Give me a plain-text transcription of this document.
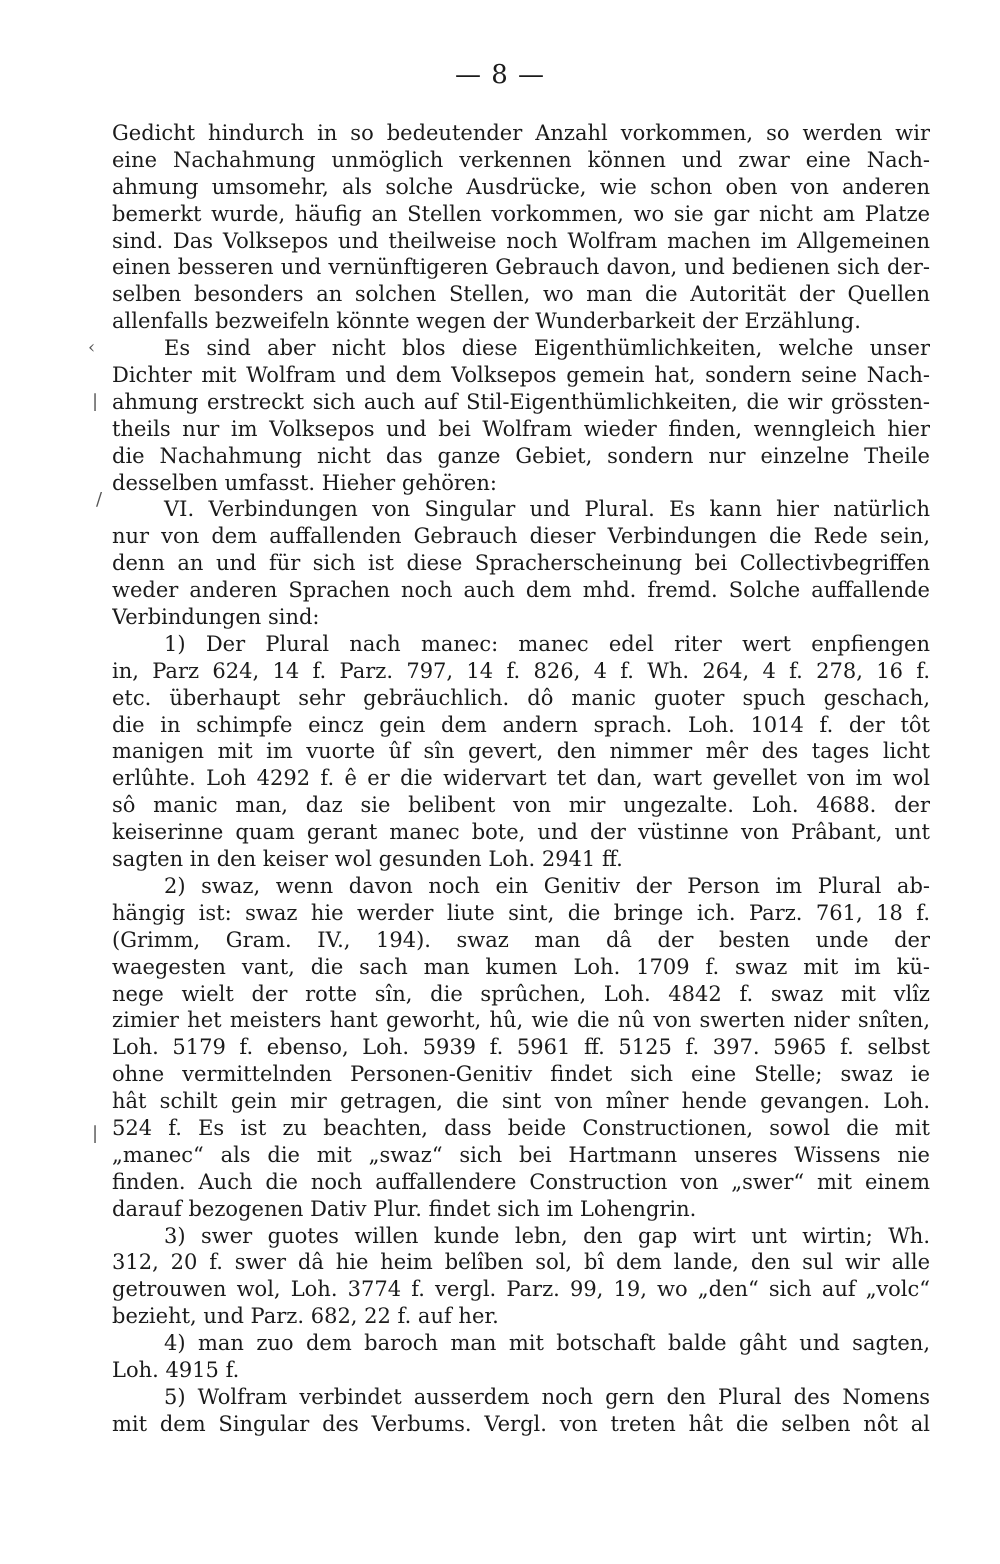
— 8 —
‹
|
/
|
Gedicht hindurch in so bedeutender Anzahl vorkommen, so werden wir
eine Nachahmung unmöglich verkennen können und zwar eine Nach-
ahmung umsomehr, als solche Ausdrücke, wie schon oben von anderen
bemerkt wurde, häufig an Stellen vorkommen, wo sie gar nicht am Platze
sind. Das Volksepos und theilweise noch Wolfram machen im Allgemeinen
einen besseren und vernünftigeren Gebrauch davon, und bedienen sich der-
selben besonders an solchen Stellen, wo man die Autorität der Quellen
allenfalls bezweifeln könnte wegen der Wunderbarkeit der Erzählung.
Es sind aber nicht blos diese Eigenthümlichkeiten, welche unser
Dichter mit Wolfram und dem Volksepos gemein hat, sondern seine Nach-
ahmung erstreckt sich auch auf Stil-Eigenthümlichkeiten, die wir grössten-
theils nur im Volksepos und bei Wolfram wieder finden, wenngleich hier
die Nachahmung nicht das ganze Gebiet, sondern nur einzelne Theile
desselben umfasst. Hieher gehören:
VI. Verbindungen von Singular und Plural. Es kann hier natürlich
nur von dem auffallenden Gebrauch dieser Verbindungen die Rede sein,
denn an und für sich ist diese Spracherscheinung bei Collectivbegriffen
weder anderen Sprachen noch auch dem mhd. fremd. Solche auffallende
Verbindungen sind:
1) Der Plural nach manec: manec edel riter wert enpfiengen
in, Parz 624, 14 f. Parz. 797, 14 f. 826, 4 f. Wh. 264, 4 f. 278, 16 f.
etc. überhaupt sehr gebräuchlich. dô manic guoter spuch geschach,
die in schimpfe eincz gein dem andern sprach. Loh. 1014 f. der tôt
manigen mit im vuorte ûf sîn gevert, den nimmer mêr des tages licht
erlûhte. Loh 4292 f. ê er die widervart tet dan, wart gevellet von im wol
sô manic man, daz sie belibent von mir ungezalte. Loh. 4688. der
keiserinne quam gerant manec bote, und der vüstinne von Prâbant, unt
sagten in den keiser wol gesunden Loh. 2941 ff.
2) swaz, wenn davon noch ein Genitiv der Person im Plural ab-
hängig ist: swaz hie werder liute sint, die bringe ich. Parz. 761, 18 f.
(Grimm, Gram. IV., 194). swaz man dâ der besten unde der
waegesten vant, die sach man kumen Loh. 1709 f. swaz mit im kü-
nege wielt der rotte sîn, die sprûchen, Loh. 4842 f. swaz mit vlîz
zimier het meisters hant geworht, hû, wie die nû von swerten nider snîten,
Loh. 5179 f. ebenso, Loh. 5939 f. 5961 ff. 5125 f. 397. 5965 f. selbst
ohne vermittelnden Personen-Genitiv findet sich eine Stelle; swaz ie
hât schilt gein mir getragen, die sint von mîner hende gevangen. Loh.
524 f. Es ist zu beachten, dass beide Constructionen, sowol die mit
„manec“ als die mit „swaz“ sich bei Hartmann unseres Wissens nie
finden. Auch die noch auffallendere Construction von „swer“ mit einem
darauf bezogenen Dativ Plur. findet sich im Lohengrin.
3) swer guotes willen kunde lebn, den gap wirt unt wirtin; Wh.
312, 20 f. swer dâ hie heim belîben sol, bî dem lande, den sul wir alle
getrouwen wol, Loh. 3774 f. vergl. Parz. 99, 19, wo „den“ sich auf „volc“
bezieht, und Parz. 682, 22 f. auf her.
4) man zuo dem baroch man mit botschaft balde gâht und sagten,
Loh. 4915 f.
5) Wolfram verbindet ausserdem noch gern den Plural des Nomens
mit dem Singular des Verbums. Vergl. von treten hât die selben nôt al
